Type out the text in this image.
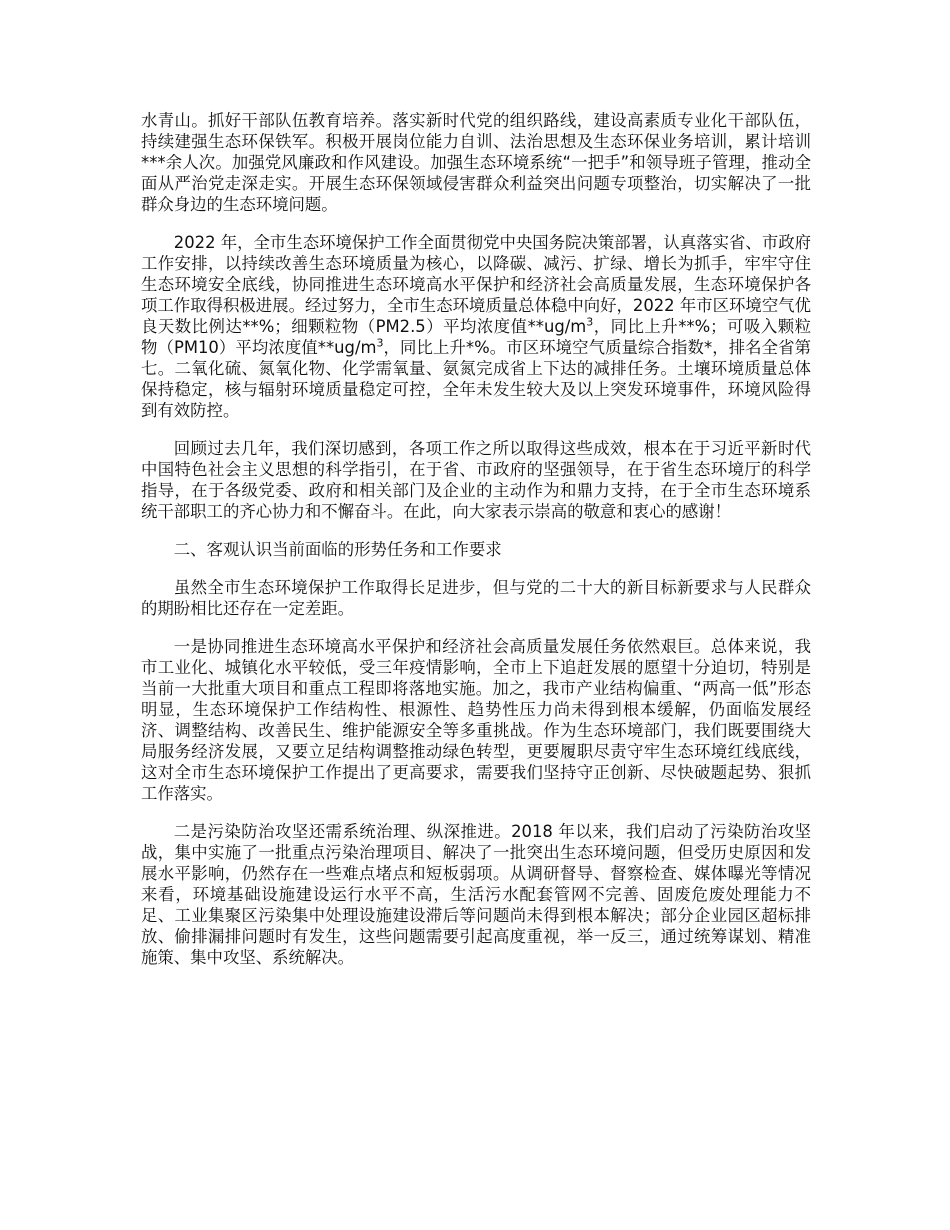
水青山。抓好干部队伍教育培养。落实新时代党的组织路线，建设高素质专业化干部队伍，持续建强生态环保铁军。积极开展岗位能力自训、法治思想及生态环保业务培训，累计培训***余人次。加强党风廉政和作风建设。加强生态环境系统“一把手”和领导班子管理，推动全面从严治党走深走实。开展生态环保领域侵害群众利益突出问题专项整治，切实解决了一批群众身边的生态环境问题。

2022 年，全市生态环境保护工作全面贯彻党中央国务院决策部署，认真落实省、市政府工作安排，以持续改善生态环境质量为核心，以降碳、减污、扩绿、增长为抓手，牢牢守住生态环境安全底线，协同推进生态环境高水平保护和经济社会高质量发展，生态环境保护各项工作取得积极进展。经过努力，全市生态环境质量总体稳中向好，2022 年市区环境空气优良天数比例达**%；细颗粒物（PM2.5）平均浓度值$**ug/m^3$，同比上升**%；可吸入颗粒物（PM10）平均浓度值$**ug/m^3$，同比上升*%。市区环境空气质量综合指数*，排名全省第七。二氧化硫、氮氧化物、化学需氧量、氨氮完成省上下达的减排任务。土壤环境质量总体保持稳定，核与辐射环境质量稳定可控，全年未发生较大及以上突发环境事件，环境风险得到有效防控。

回顾过去几年，我们深切感到，各项工作之所以取得这些成效，根本在于习近平新时代中国特色社会主义思想的科学指引，在于省、市政府的坚强领导，在于省生态环境厅的科学指导，在于各级党委、政府和相关部门及企业的主动作为和鼎力支持，在于全市生态环境系统干部职工的齐心协力和不懈奋斗。在此，向大家表示崇高的敬意和衷心的感谢！

二、客观认识当前面临的形势任务和工作要求

虽然全市生态环境保护工作取得长足进步，但与党的二十大的新目标新要求与人民群众的期盼相比还存在一定差距。

一是协同推进生态环境高水平保护和经济社会高质量发展任务依然艰巨。总体来说，我市工业化、城镇化水平较低，受三年疫情影响，全市上下追赶发展的愿望十分迫切，特别是当前一大批重大项目和重点工程即将落地实施。加之，我市产业结构偏重、“两高一低”形态明显，生态环境保护工作结构性、根源性、趋势性压力尚未得到根本缓解，仍面临发展经济、调整结构、改善民生、维护能源安全等多重挑战。作为生态环境部门，我们既要围绕大局服务经济发展，又要立足结构调整推动绿色转型，更要履职尽责守牢生态环境红线底线，这对全市生态环境保护工作提出了更高要求，需要我们坚持守正创新、尽快破题起势、狠抓工作落实。

二是污染防治攻坚还需系统治理、纵深推进。2018 年以来，我们启动了污染防治攻坚战，集中实施了一批重点污染治理项目、解决了一批突出生态环境问题，但受历史原因和发展水平影响，仍然存在一些难点堵点和短板弱项。从调研督导、督察检查、媒体曝光等情况来看，环境基础设施建设运行水平不高，生活污水配套管网不完善、固废危废处理能力不足、工业集聚区污染集中处理设施建设滞后等问题尚未得到根本解决；部分企业园区超标排放、偷排漏排问题时有发生，这些问题需要引起高度重视，举一反三，通过统筹谋划、精准施策、集中攻坚、系统解决。
